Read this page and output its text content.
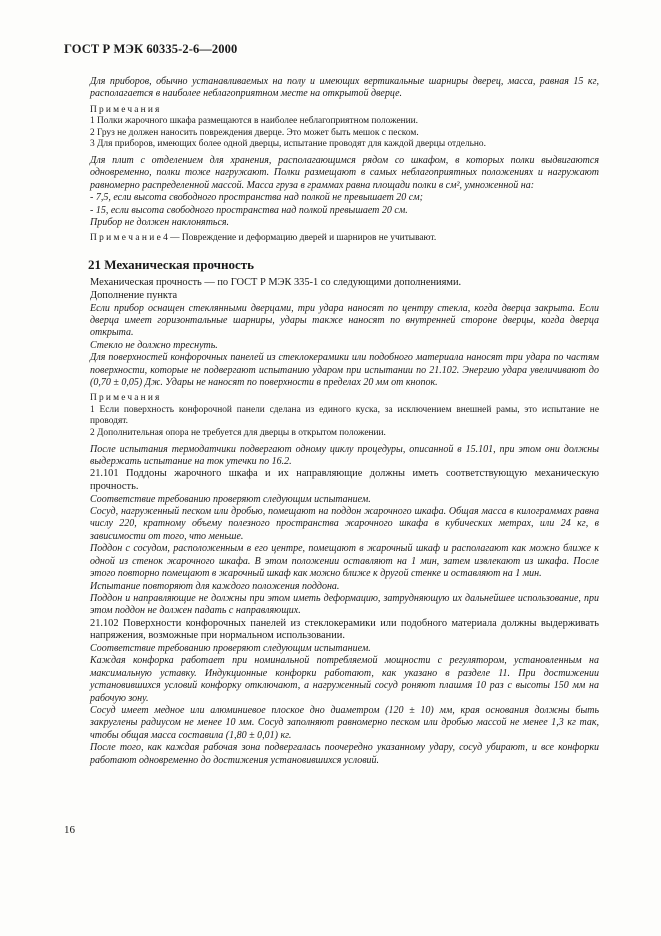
ГОСТ Р МЭК 60335-2-6—2000

Для приборов, обычно устанавливаемых на полу и имеющих вертикальные шарниры дверец, масса, равная 15 кг, располагается в наиболее неблагоприятном месте на открытой дверце.

Примечания

1 Полки жарочного шкафа размещаются в наиболее неблагоприятном положении.

2 Груз не должен наносить повреждения дверце. Это может быть мешок с песком.

3 Для приборов, имеющих более одной дверцы, испытание проводят для каждой дверцы отдельно.

Для плит с отделением для хранения, располагающимся рядом со шкафом, в которых полки выдвигаются одновременно, полки тоже нагружают. Полки размещают в самых неблагоприятных положениях и нагружают равномерно распределенной массой. Масса груза в граммах равна площади полки в см², умноженной на:

- 7,5, если высота свободного пространства над полкой не превышает 20 см;

- 15, если высота свободного пространства над полкой превышает 20 см.

Прибор не должен наклоняться.

П р и м е ч а н и е 4 — Повреждение и деформацию дверей и шарниров не учитывают.

21 Механическая прочность

Механическая прочность — по ГОСТ Р МЭК 335-1 со следующими дополнениями.

Дополнение пункта

Если прибор оснащен стеклянными дверцами, три удара наносят по центру стекла, когда дверца закрыта. Если дверца имеет горизонтальные шарниры, удары также наносят по внутренней стороне дверцы, когда дверца открыта.

Стекло не должно треснуть.

Для поверхностей конфорочных панелей из стеклокерамики или подобного материала наносят три удара по частям поверхности, которые не подвергают испытанию ударом при испытании по 21.102. Энергию удара увеличивают до (0,70 ± 0,05) Дж. Удары не наносят по поверхности в пределах 20 мм от кнопок.

Примечания

1 Если поверхность конфорочной панели сделана из единого куска, за исключением внешней рамы, это испытание не проводят.

2 Дополнительная опора не требуется для дверцы в открытом положении.

После испытания термодатчики подвергают одному циклу процедуры, описанной в 15.101, при этом они должны выдержать испытание на ток утечки по 16.2.

21.101 Поддоны жарочного шкафа и их направляющие должны иметь соответствующую механическую прочность.

Соответствие требованию проверяют следующим испытанием.

Сосуд, нагруженный песком или дробью, помещают на поддон жарочного шкафа. Общая масса в килограммах равна числу 220, кратному объему полезного пространства жарочного шкафа в кубических метрах, или 24 кг, в зависимости от того, что меньше.

Поддон с сосудом, расположенным в его центре, помещают в жарочный шкаф и располагают как можно ближе к одной из стенок жарочного шкафа. В этом положении оставляют на 1 мин, затем извлекают из шкафа. После этого повторно помещают в жарочный шкаф как можно ближе к другой стенке и оставляют на 1 мин.

Испытание повторяют для каждого положения поддона.

Поддон и направляющие не должны при этом иметь деформацию, затрудняющую их дальнейшее использование, при этом поддон не должен падать с направляющих.

21.102 Поверхности конфорочных панелей из стеклокерамики или подобного материала должны выдерживать напряжения, возможные при нормальном использовании.

Соответствие требованию проверяют следующим испытанием.

Каждая конфорка работает при номинальной потребляемой мощности с регулятором, установленным на максимальную уставку. Индукционные конфорки работают, как указано в разделе 11. При достижении установившихся условий конфорку отключают, а нагруженный сосуд роняют плашмя 10 раз с высоты 150 мм на рабочую зону.

Сосуд имеет медное или алюминиевое плоское дно диаметром (120 ± 10) мм, края основания должны быть закруглены радиусом не менее 10 мм. Сосуд заполняют равномерно песком или дробью массой не менее 1,3 кг так, чтобы общая масса составила (1,80 ± 0,01) кг.

После того, как каждая рабочая зона подвергалась поочередно указанному удару, сосуд убирают, и все конфорки работают одновременно до достижения установившихся условий.

16
